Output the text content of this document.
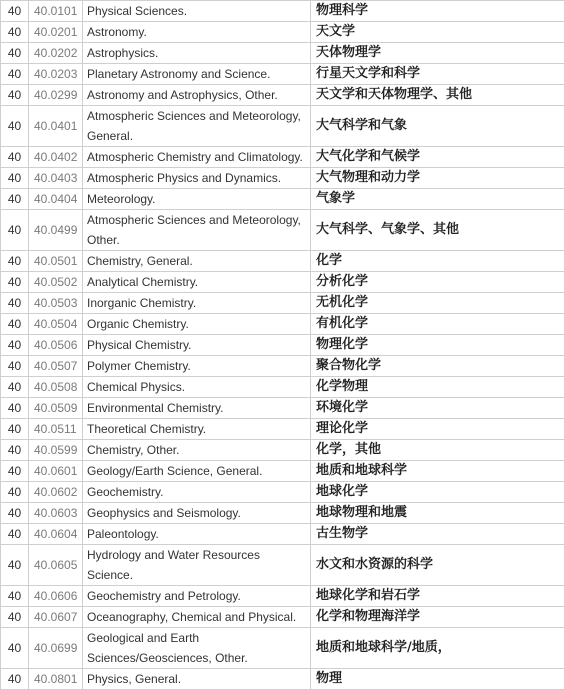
40	40.0101	Physical Sciences.	物理科学
40	40.0201	Astronomy.	天文学
40	40.0202	Astrophysics.	天体物理学
40	40.0203	Planetary Astronomy and Science.	行星天文学和科学
40	40.0299	Astronomy and Astrophysics, Other.	天文学和天体物理学、其他
40	40.0401	Atmospheric Sciences and Meteorology, General.	大气科学和气象
40	40.0402	Atmospheric Chemistry and Climatology.	大气化学和气候学
40	40.0403	Atmospheric Physics and Dynamics.	大气物理和动力学
40	40.0404	Meteorology.	气象学
40	40.0499	Atmospheric Sciences and Meteorology, Other.	大气科学、气象学、其他
40	40.0501	Chemistry, General.	化学
40	40.0502	Analytical Chemistry.	分析化学
40	40.0503	Inorganic Chemistry.	无机化学
40	40.0504	Organic Chemistry.	有机化学
40	40.0506	Physical Chemistry.	物理化学
40	40.0507	Polymer Chemistry.	聚合物化学
40	40.0508	Chemical Physics.	化学物理
40	40.0509	Environmental Chemistry.	环境化学
40	40.0511	Theoretical Chemistry.	理论化学
40	40.0599	Chemistry, Other.	化学，其他
40	40.0601	Geology/Earth Science, General.	地质和地球科学
40	40.0602	Geochemistry.	地球化学
40	40.0603	Geophysics and Seismology.	地球物理和地震
40	40.0604	Paleontology.	古生物学
40	40.0605	Hydrology and Water Resources Science.	水文和水资源的科学
40	40.0606	Geochemistry and Petrology.	地球化学和岩石学
40	40.0607	Oceanography, Chemical and Physical.	化学和物理海洋学
40	40.0699	Geological and Earth Sciences/Geosciences, Other.	地质和地球科学/地质，
40	40.0801	Physics, General.	物理
